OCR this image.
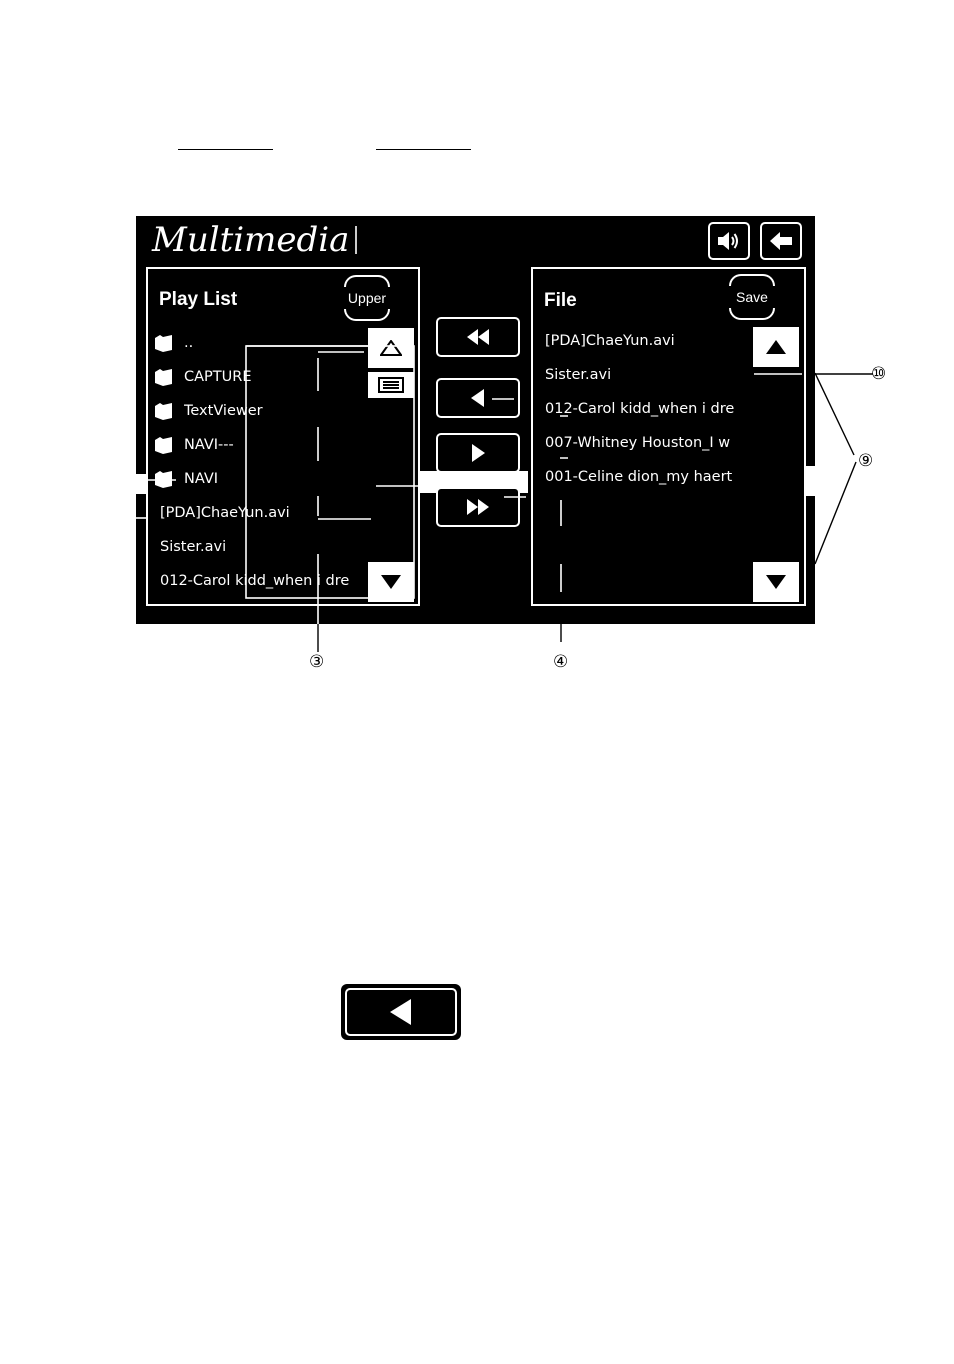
Multimedia
Play List	Upper
..
CAPTURE
TextViewer
NAVI---
NAVI
[PDA]ChaeYun.avi
Sister.avi
012-Carol kidd_when i dre
File	Save
[PDA]ChaeYun.avi
Sister.avi
012-Carol kidd_when i dre
007-Whitney Houston_I w
001-Celine dion_my haert
③	④
⑩
⑨
